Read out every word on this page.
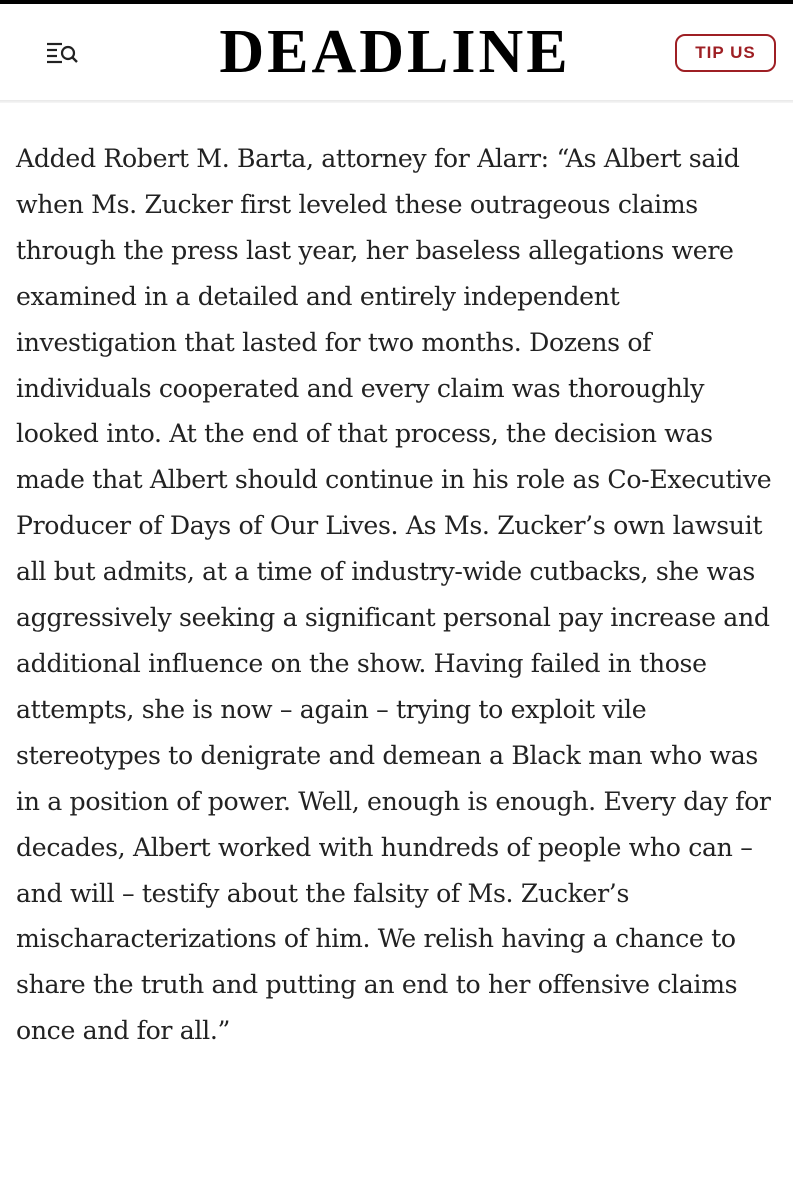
DEADLINE	TIP US

Added Robert M. Barta, attorney for Alarr: “As Albert said when Ms. Zucker first leveled these outrageous claims through the press last year, her baseless allegations were examined in a detailed and entirely independent investigation that lasted for two months. Dozens of individuals cooperated and every claim was thoroughly looked into. At the end of that process, the decision was made that Albert should continue in his role as Co-Executive Producer of Days of Our Lives. As Ms. Zucker’s own lawsuit all but admits, at a time of industry-wide cutbacks, she was aggressively seeking a significant personal pay increase and additional influence on the show. Having failed in those attempts, she is now – again – trying to exploit vile stereotypes to denigrate and demean a Black man who was in a position of power. Well, enough is enough. Every day for decades, Albert worked with hundreds of people who can – and will – testify about the falsity of Ms. Zucker’s mischaracterizations of him. We relish having a chance to share the truth and putting an end to her offensive claims once and for all.”
